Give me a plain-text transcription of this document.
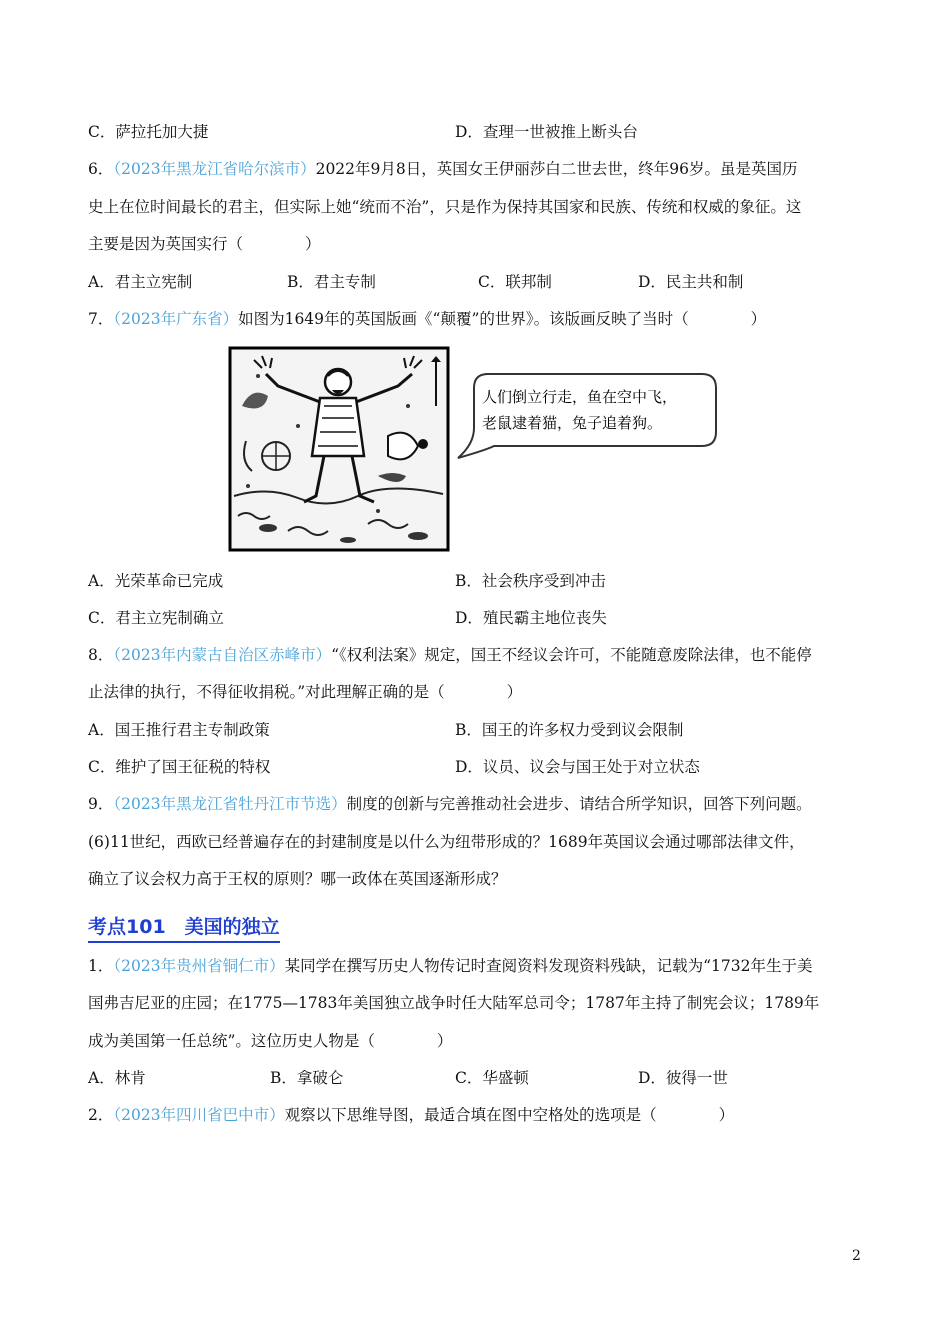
C．萨拉托加大捷	D．查理一世被推上断头台
6．（2023年黑龙江省哈尔滨市）2022年9月8日，英国女王伊丽莎白二世去世，终年96岁。虽是英国历
史上在位时间最长的君主，但实际上她“统而不治”，只是作为保持其国家和民族、传统和权威的象征。这
主要是因为英国实行（　　　　）
A．君主立宪制	B．君主专制	C．联邦制	D．民主共和制
7．（2023年广东省）如图为1649年的英国版画《“颠覆”的世界》。该版画反映了当时（　　　　）
人们倒立行走，鱼在空中飞，
老鼠逮着猫，兔子追着狗。
A．光荣革命已完成	B．社会秩序受到冲击
C．君主立宪制确立	D．殖民霸主地位丧失
8．（2023年内蒙古自治区赤峰市）“《权利法案》规定，国王不经议会许可，不能随意废除法律，也不能停
止法律的执行，不得征收捐税。”对此理解正确的是（　　　　）
A．国王推行君主专制政策	B．国王的许多权力受到议会限制
C．维护了国王征税的特权	D．议员、议会与国王处于对立状态
9．（2023年黑龙江省牡丹江市节选）制度的创新与完善推动社会进步、请结合所学知识，回答下列问题。
(6)11世纪，西欧已经普遍存在的封建制度是以什么为纽带形成的？1689年英国议会通过哪部法律文件，
确立了议会权力高于王权的原则？哪一政体在英国逐渐形成？
考点101　美国的独立
1．（2023年贵州省铜仁市）某同学在撰写历史人物传记时查阅资料发现资料残缺，记载为“1732年生于美
国弗吉尼亚的庄园；在1775—1783年美国独立战争时任大陆军总司令；1787年主持了制宪会议；1789年
成为美国第一任总统”。这位历史人物是（　　　　）
A．林肯	B．拿破仑	C．华盛顿	D．彼得一世
2．（2023年四川省巴中市）观察以下思维导图，最适合填在图中空格处的选项是（　　　　）
2
